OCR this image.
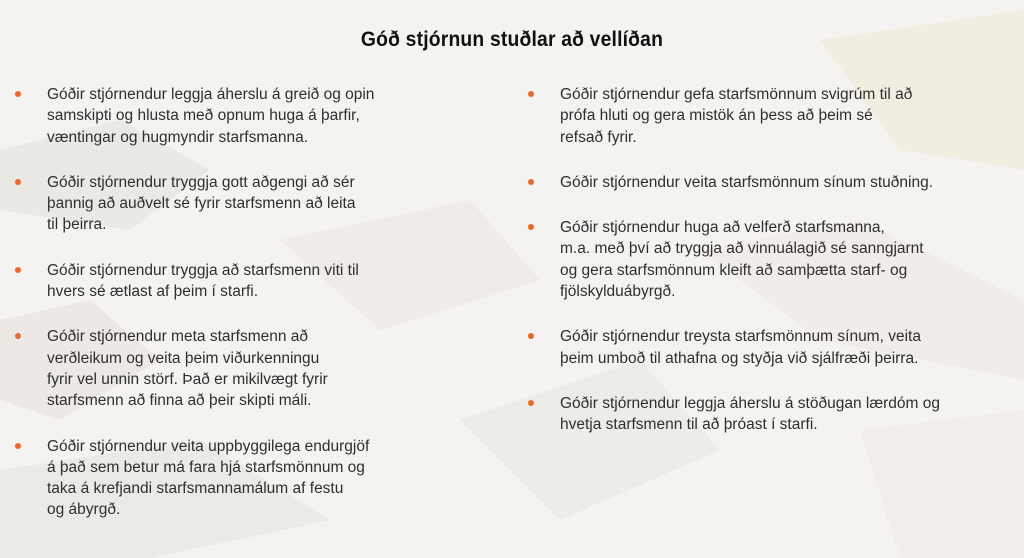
Góð stjórnun stuðlar að vellíðan
Góðir stjórnendur leggja áherslu á greið og opin
samskipti og hlusta með opnum huga á þarfir,
væntingar og hugmyndir starfsmanna.
Góðir stjórnendur tryggja gott aðgengi að sér
þannig að auðvelt sé fyrir starfsmenn að leita
til þeirra.
Góðir stjórnendur tryggja að starfsmenn viti til
hvers sé ætlast af þeim í starfi.
Góðir stjórnendur meta starfsmenn að
verðleikum og veita þeim viðurkenningu
fyrir vel unnin störf. Það er mikilvægt fyrir
starfsmenn að finna að þeir skipti máli.
Góðir stjórnendur veita uppbyggilega endurgjöf
á það sem betur má fara hjá starfsmönnum og
taka á krefjandi starfsmannamálum af festu
og ábyrgð.
Góðir stjórnendur gefa starfsmönnum svigrúm til að
prófa hluti og gera mistök án þess að þeim sé
refsað fyrir.
Góðir stjórnendur veita starfsmönnum sínum stuðning.
Góðir stjórnendur huga að velferð starfsmanna,
m.a. með því að tryggja að vinnuálagið sé sanngjarnt
og gera starfsmönnum kleift að samþætta starf- og
fjölskylduábyrgð.
Góðir stjórnendur treysta starfsmönnum sínum, veita
þeim umboð til athafna og styðja við sjálfræði þeirra.
Góðir stjórnendur leggja áherslu á stöðugan lærdóm og
hvetja starfsmenn til að þróast í starfi.
